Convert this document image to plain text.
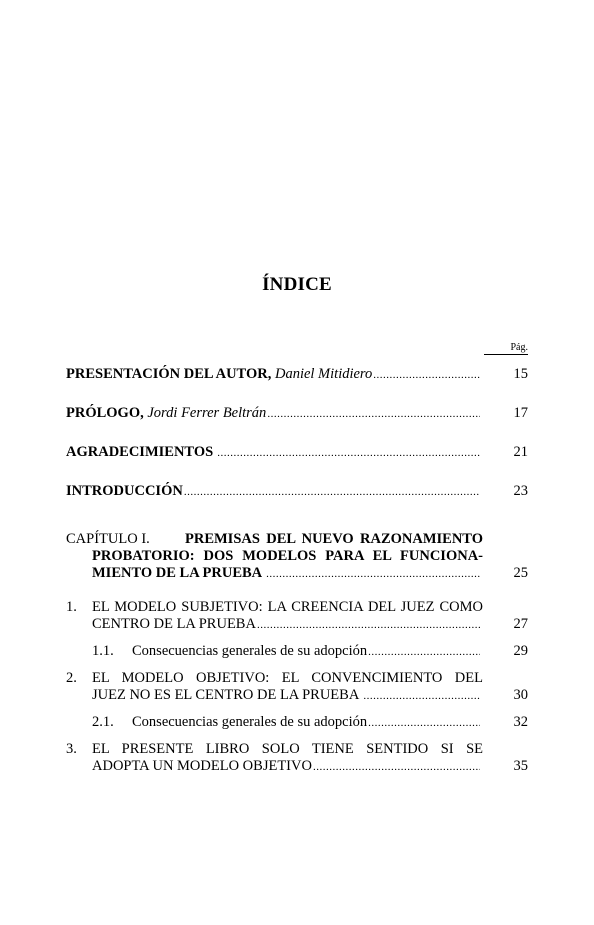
ÍNDICE
Pág.
PRESENTACIÓN DEL AUTOR, Daniel Mitidiero .....	15
PRÓLOGO, Jordi Ferrer Beltrán .....	17
AGRADECIMIENTOS .....	21
INTRODUCCIÓN .....	23
CAPÍTULO I. PREMISAS DEL NUEVO RAZONAMIENTO
PROBATORIO: DOS MODELOS PARA EL FUNCIONA-
MIENTO DE LA PRUEBA .....	25
1. EL MODELO SUBJETIVO: LA CREENCIA DEL JUEZ COMO
CENTRO DE LA PRUEBA .....	27
1.1. Consecuencias generales de su adopción .....	29
2. EL MODELO OBJETIVO: EL CONVENCIMIENTO DEL
JUEZ NO ES EL CENTRO DE LA PRUEBA .....	30
2.1. Consecuencias generales de su adopción .....	32
3. EL PRESENTE LIBRO SOLO TIENE SENTIDO SI SE
ADOPTA UN MODELO OBJETIVO .....	35
